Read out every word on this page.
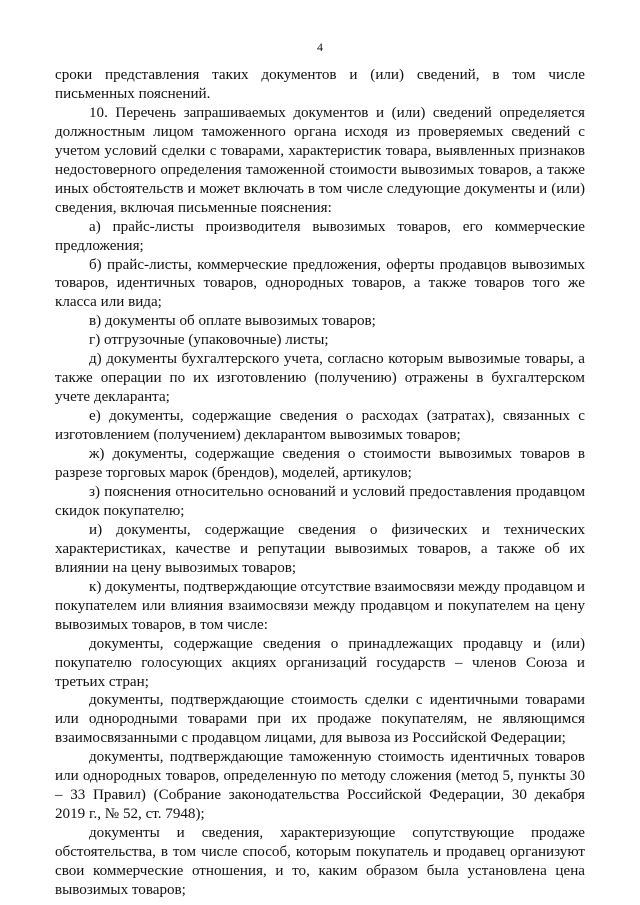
4

сроки представления таких документов и (или) сведений, в том числе письменных пояснений.

10. Перечень запрашиваемых документов и (или) сведений определяется должностным лицом таможенного органа исходя из проверяемых сведений с учетом условий сделки с товарами, характеристик товара, выявленных признаков недостоверного определения таможенной стоимости вывозимых товаров, а также иных обстоятельств и может включать в том числе следующие документы и (или) сведения, включая письменные пояснения:

а) прайс-листы производителя вывозимых товаров, его коммерческие предложения;

б) прайс-листы, коммерческие предложения, оферты продавцов вывозимых товаров, идентичных товаров, однородных товаров, а также товаров того же класса или вида;

в) документы об оплате вывозимых товаров;

г) отгрузочные (упаковочные) листы;

д) документы бухгалтерского учета, согласно которым вывозимые товары, а также операции по их изготовлению (получению) отражены в бухгалтерском учете декларанта;

е) документы, содержащие сведения о расходах (затратах), связанных с изготовлением (получением) декларантом вывозимых товаров;

ж) документы, содержащие сведения о стоимости вывозимых товаров в разрезе торговых марок (брендов), моделей, артикулов;

з) пояснения относительно оснований и условий предоставления продавцом скидок покупателю;

и) документы, содержащие сведения о физических и технических характеристиках, качестве и репутации вывозимых товаров, а также об их влиянии на цену вывозимых товаров;

к) документы, подтверждающие отсутствие взаимосвязи между продавцом и покупателем или влияния взаимосвязи между продавцом и покупателем на цену вывозимых товаров, в том числе:

документы, содержащие сведения о принадлежащих продавцу и (или) покупателю голосующих акциях организаций государств – членов Союза и третьих стран;

документы, подтверждающие стоимость сделки с идентичными товарами или однородными товарами при их продаже покупателям, не являющимся взаимосвязанными с продавцом лицами, для вывоза из Российской Федерации;

документы, подтверждающие таможенную стоимость идентичных товаров или однородных товаров, определенную по методу сложения (метод 5, пункты 30 – 33 Правил) (Собрание законодательства Российской Федерации, 30 декабря 2019 г., № 52, ст. 7948);

документы и сведения, характеризующие сопутствующие продаже обстоятельства, в том числе способ, которым покупатель и продавец организуют свои коммерческие отношения, и то, каким образом была установлена цена вывозимых товаров;
